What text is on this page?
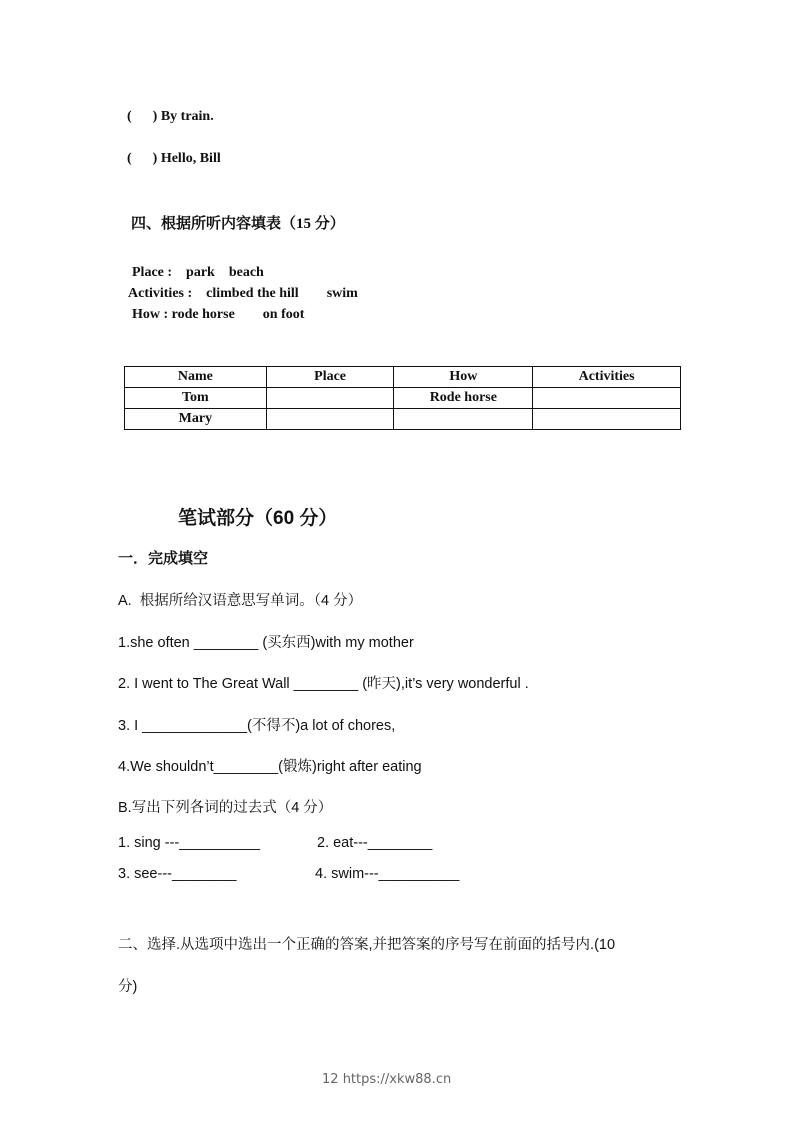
(      ) By train.
(      ) Hello, Bill
四、根据所听内容填表（15 分）
Place :    park    beach
Activities :    climbed the hill        swim
How : rode horse        on foot
Name	Place	How	Activities
Tom		Rode horse	
Mary			
笔试部分（60 分）
一．完成填空
A.  根据所给汉语意思写单词。（4 分）
1.she often ________ (买东西)with my mother
2. I went to The Great Wall ________ (昨天),it’s very wonderful .
3. I _____________(不得不)a lot of chores,
4.We shouldn’t________(锻炼)right after eating
B.写出下列各词的过去式（4 分）
1. sing ---__________	2. eat---________
3. see---________	4. swim---__________
二、选择.从选项中选出一个正确的答案,并把答案的序号写在前面的括号内.(10
分)
12 https://xkw88.cn
